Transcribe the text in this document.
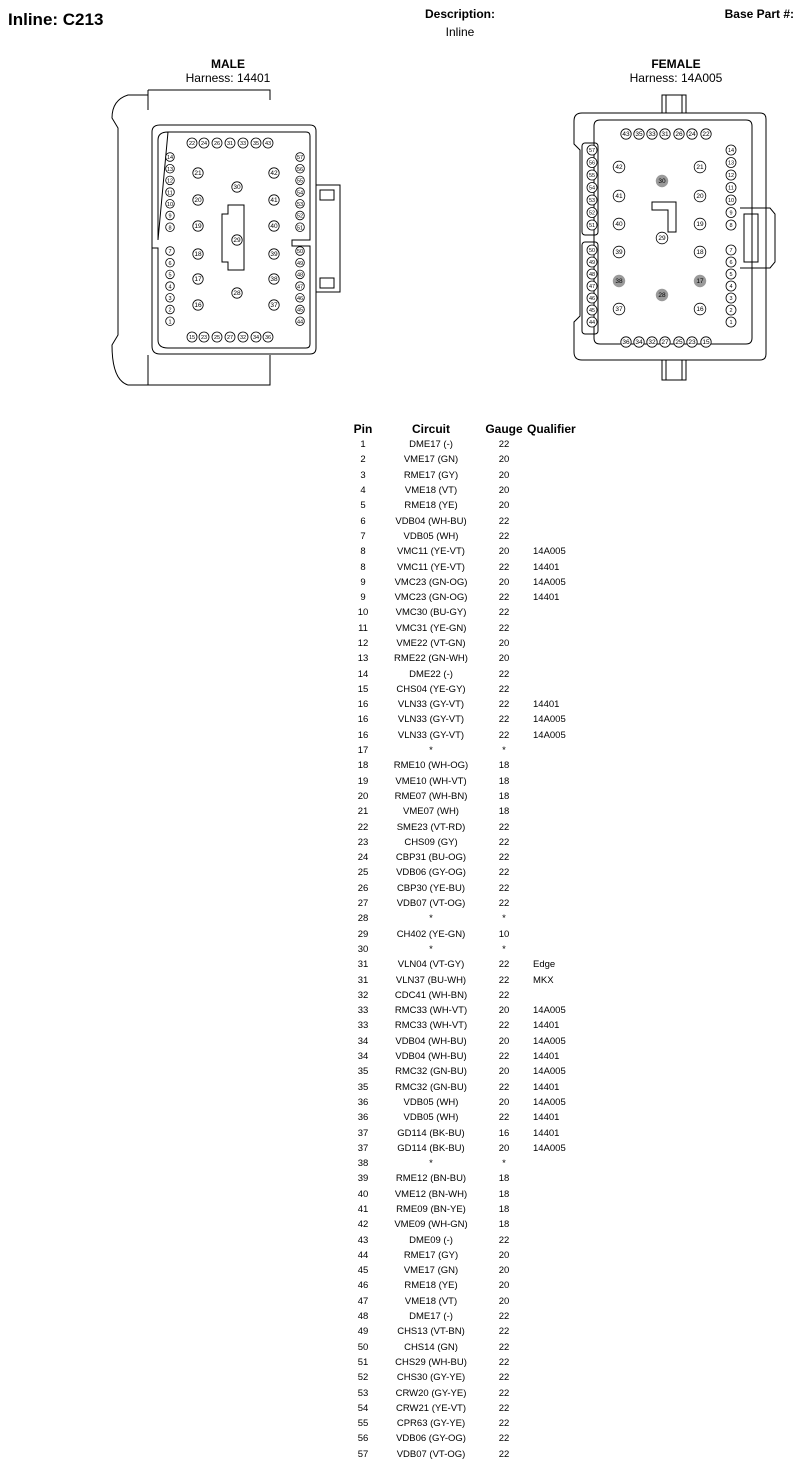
Inline: C213	Description:
Inline
Base Part #:
MALE
Harness: 14401
FEMALE
Harness: 14A005
22 24 26 31 33 35 43
15 23 25 27 32 34 36
14
13
12
11
10
9
8
7
6
5
4
3
2
1
57
56
55
54
53
52
51
50
49
48
47
46
45
44
21	42
30
20	41
19	40
29
18	39
17	38
28
16	37
43 35 33 31 26 24 22
36 34 32 27 25 23 15
57
56
55
54
53
52
51
50
49
48
47
46
45
44
14
13
12
11
10
9
8
7
6
5
4
3
2
1
42	21
30
41	20
40	19
29
39	18
38	17
28
37	16
Pin	Circuit	Gauge	Qualifier
1	DME17 (-)	22	
2	VME17 (GN)	20	
3	RME17 (GY)	20	
4	VME18 (VT)	20	
5	RME18 (YE)	20	
6	VDB04 (WH-BU)	22	
7	VDB05 (WH)	22	
8	VMC11 (YE-VT)	20	14A005
8	VMC11 (YE-VT)	22	14401
9	VMC23 (GN-OG)	20	14A005
9	VMC23 (GN-OG)	22	14401
10	VMC30 (BU-GY)	22	
11	VMC31 (YE-GN)	22	
12	VME22 (VT-GN)	20	
13	RME22 (GN-WH)	20	
14	DME22 (-)	22	
15	CHS04 (YE-GY)	22	
16	VLN33 (GY-VT)	22	14401
16	VLN33 (GY-VT)	22	14A005
16	VLN33 (GY-VT)	22	14A005
17	*	*	
18	RME10 (WH-OG)	18	
19	VME10 (WH-VT)	18	
20	RME07 (WH-BN)	18	
21	VME07 (WH)	18	
22	SME23 (VT-RD)	22	
23	CHS09 (GY)	22	
24	CBP31 (BU-OG)	22	
25	VDB06 (GY-OG)	22	
26	CBP30 (YE-BU)	22	
27	VDB07 (VT-OG)	22	
28	*	*	
29	CH402 (YE-GN)	10	
30	*	*	
31	VLN04 (VT-GY)	22	Edge
31	VLN37 (BU-WH)	22	MKX
32	CDC41 (WH-BN)	22	
33	RMC33 (WH-VT)	20	14A005
33	RMC33 (WH-VT)	22	14401
34	VDB04 (WH-BU)	20	14A005
34	VDB04 (WH-BU)	22	14401
35	RMC32 (GN-BU)	20	14A005
35	RMC32 (GN-BU)	22	14401
36	VDB05 (WH)	20	14A005
36	VDB05 (WH)	22	14401
37	GD114 (BK-BU)	16	14401
37	GD114 (BK-BU)	20	14A005
38	*	*	
39	RME12 (BN-BU)	18	
40	VME12 (BN-WH)	18	
41	RME09 (BN-YE)	18	
42	VME09 (WH-GN)	18	
43	DME09 (-)	22	
44	RME17 (GY)	20	
45	VME17 (GN)	20	
46	RME18 (YE)	20	
47	VME18 (VT)	20	
48	DME17 (-)	22	
49	CHS13 (VT-BN)	22	
50	CHS14 (GN)	22	
51	CHS29 (WH-BU)	22	
52	CHS30 (GY-YE)	22	
53	CRW20 (GY-YE)	22	
54	CRW21 (YE-VT)	22	
55	CPR63 (GY-YE)	22	
56	VDB06 (GY-OG)	22	
57	VDB07 (VT-OG)	22	
